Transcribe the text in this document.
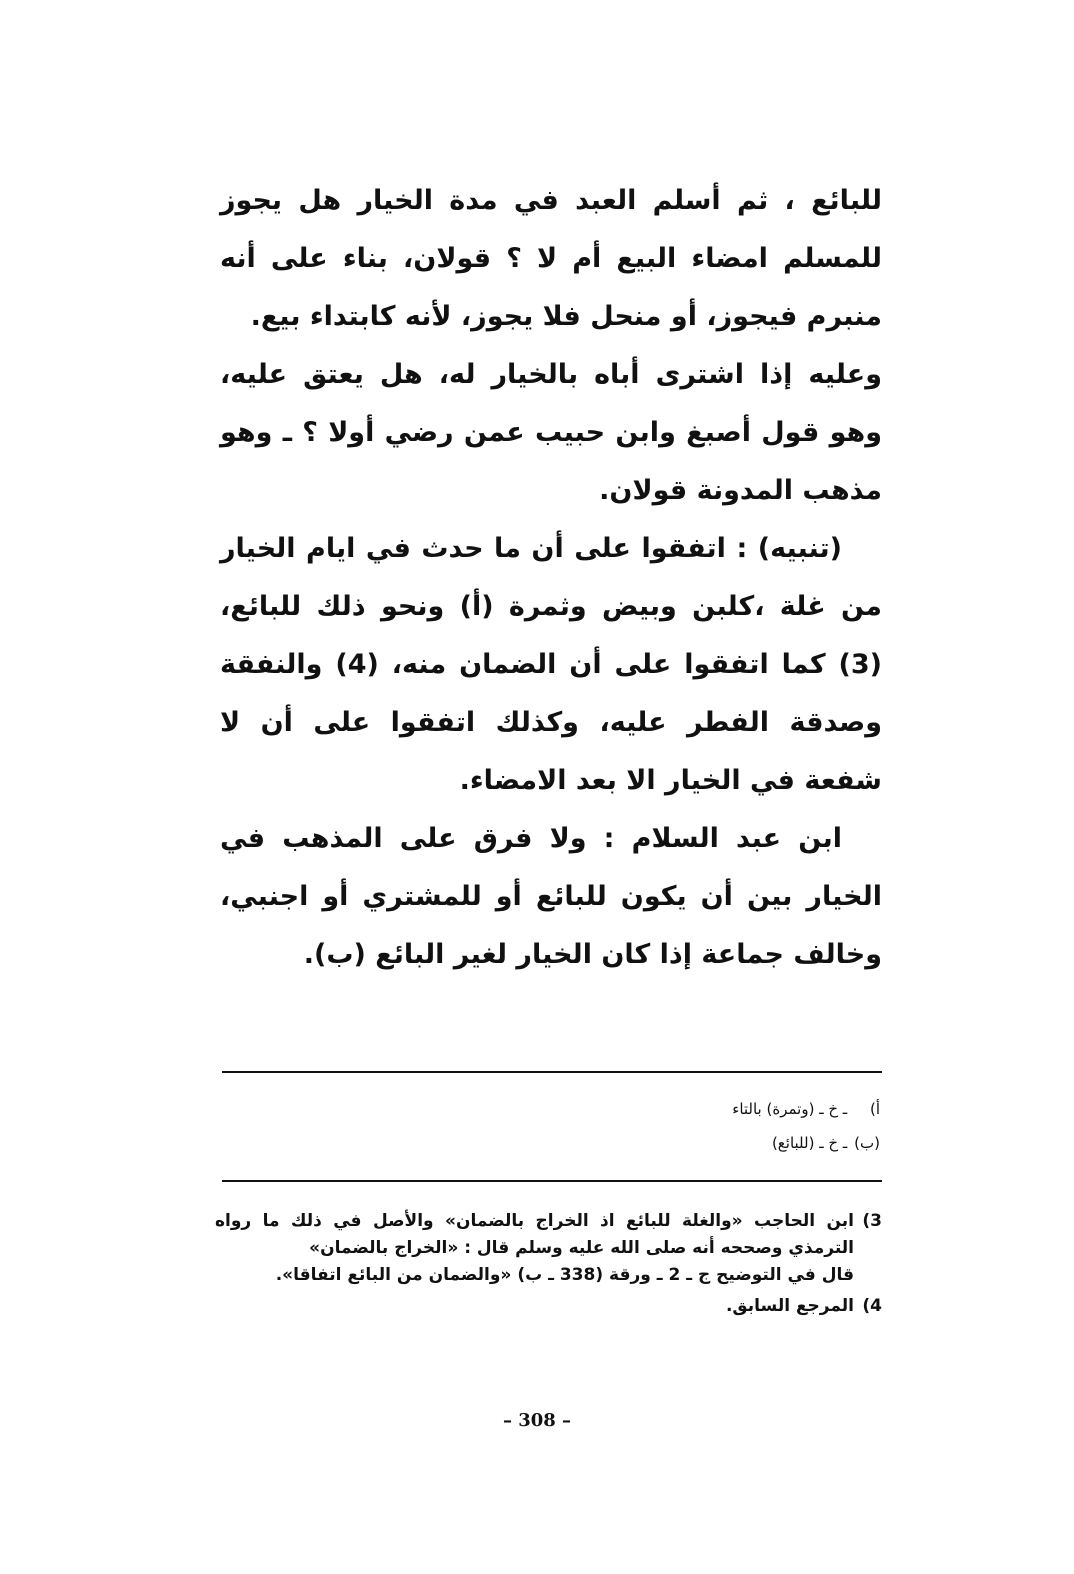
للبائع ، ثم أسلم العبد في مدة الخيار هل يجوز للمسلم امضاء البيع أم لا ؟ قولان، بناء على أنه منبرم فيجوز، أو منحل فلا يجوز، لأنه كابتداء بيع.

وعليه إذا اشترى أباه بالخيار له، هل يعتق عليه، وهو قول أصبغ وابن حبيب عمن رضي أولا ؟ ـ وهو مذهب المدونة قولان.

(تنبيه) : اتفقوا على أن ما حدث في ايام الخيار من غلة ،كلبن وبيض وثمرة (أ) ونحو ذلك للبائع، (3) كما اتفقوا على أن الضمان منه، (4) والنفقة وصدقة الفطر عليه، وكذلك اتفقوا على أن لا شفعة في الخيار الا بعد الامضاء.

ابن عبد السلام : ولا فرق على المذهب في الخيار بين أن يكون للبائع أو للمشتري أو اجنبي، وخالف جماعة إذا كان الخيار لغير البائع (ب).

أ) ـ خ ـ (وتمرة) بالتاء
(ب) ـ خ ـ (للبائع)
3)

ابن الحاجب «والغلة للبائع اذ الخراج بالضمان» والأصل في ذلك ما رواه الترمذي وصححه أنه صلى الله عليه وسلم قال : «الخراج بالضمان»

قال في التوضيح ج ـ 2 ـ ورقة (338 ـ ب) «والضمان من البائع اتفاقا».

4)

المرجع السابق.

– 308 –
